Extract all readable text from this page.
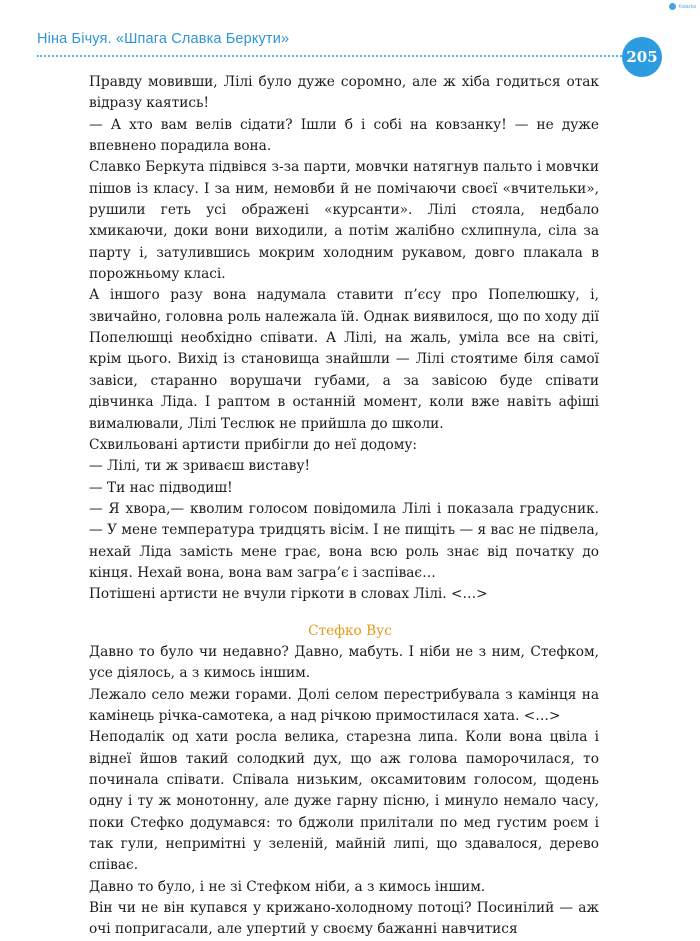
Ksiazka
Ніна Бічуя. «Шпага Славка Беркути»
205

Правду мовивши, Лілі було дуже соромно, але ж хіба годиться отак відразу каятись!

— А хто вам велів сідати? Ішли б і собі на ковзанку! — не дуже впевнено порадила вона.

Славко Беркута підвівся з-за парти, мовчки натягнув пальто і мовчки пішов із класу. І за ним, немовби й не помічаючи своєї «вчительки», рушили геть усі ображені «курсанти». Лілі стояла, недбало хмикаючи, доки вони виходили, а потім жалібно схлипнула, сіла за парту і, затулившись мокрим холодним рукавом, довго плакала в порожньому класі.

А іншого разу вона надумала ставити п’єсу про Попелюшку, і, звичайно, головна роль належала їй. Однак виявилося, що по ходу дії Попелюшці необхідно співати. А Лілі, на жаль, уміла все на світі, крім цього. Вихід із становища знайшли — Лілі стоятиме біля самої завіси, старанно ворушачи губами, а за завісою буде співати дівчинка Ліда. І раптом в останній момент, коли вже навіть афіші вималювали, Лілі Теслюк не прийшла до школи.

Схвильовані артисти прибігли до неї додому:

— Лілі, ти ж зриваєш виставу!

— Ти нас підводиш!

— Я хвора,— кволим голосом повідомила Лілі і показала градусник.— У мене температура тридцять вісім. І не пищіть — я вас не підвела, нехай Ліда замість мене грає, вона всю роль знає від початку до кінця. Нехай вона, вона вам загра’є і заспіває…

Потішені артисти не вчули гіркоти в словах Лілі. <…>

Стефко Вус

Давно то було чи недавно? Давно, мабуть. І ніби не з ним, Стефком, усе діялось, а з кимось іншим.

Лежало село межи горами. Долі селом перестрибувала з камінця на камінець річка-самотека, а над річкою примостилася хата. <…>

Неподалік од хати росла велика, старезна липа. Коли вона цвіла і віднеї йшов такий солодкий дух, що аж голова паморочилася, то починала співати. Співала низьким, оксамитовим голосом, щодень одну і ту ж монотонну, але дуже гарну пісню, і минуло немало часу, поки Стефко додумався: то бджоли прилітали по мед густим роєм і так гули, непримітні у зеленій, майній липі, що здавалося, дерево співає.

Давно то було, і не зі Стефком ніби, а з кимось іншим.

Він чи не він купався у крижано-холодному потоці? Посинілий — аж очі попригасали, але упертий у своєму бажанні навчитися
